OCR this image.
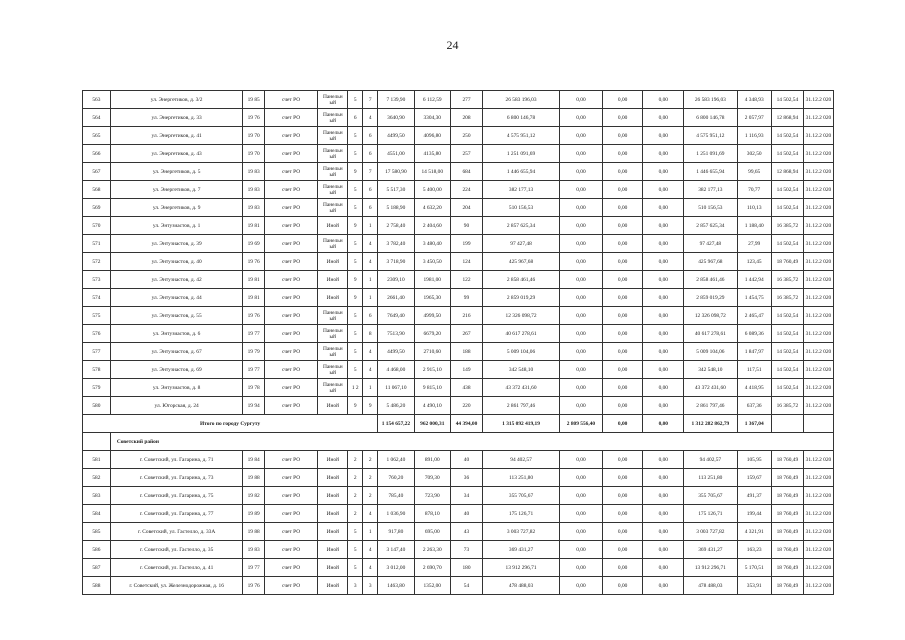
24
563	ул. Энергетиков, д. 3/2	19 85	счет РО	Панельн ый	5	7	7 139,90	6 112,59	277	26 583 196,03	0,00	0,00	0,00	26 583 196,03	4 348,93	14 502,54	31.12.2 020
564	ул. Энергетиков, д. 33	19 76	счет РО	Панельн ый	6	4	3640,90	3304,30	208	6 800 146,78	0,00	0,00	0,00	6 800 146,78	2 057,97	12 868,94	31.12.2 020
565	ул. Энергетиков, д. 41	19 70	счет РО	Панельн ый	5	6	4499,50	4096,80	250	4 575 951,12	0,00	0,00	0,00	4 575 951,12	1 116,93	14 502,54	31.12.2 020
566	ул. Энергетиков, д. 43	19 70	счет РО	Панельн ый	5	6	4551,00	4135,80	257	1 251 091,69	0,00	0,00	0,00	1 251 091,69	302,50	14 502,54	31.12.2 020
567	ул. Энергетиков, д. 5	19 83	счет РО	Панельн ый	9	7	17 580,90	14 518,00	684	1 446 655,94	0,00	0,00	0,00	1 446 655,94	99,65	12 868,94	31.12.2 020
568	ул. Энергетиков, д. 7	19 83	счет РО	Панельн ый	5	6	5 517,30	5 400,00	224	382 177,13	0,00	0,00	0,00	382 177,13	70,77	14 502,54	31.12.2 020
569	ул. Энергетиков, д. 9	19 83	счет РО	Панельн ый	5	6	5 188,90	4 632,20	204	510 156,53	0,00	0,00	0,00	510 156,53	110,13	14 502,54	31.12.2 020
570	ул. Энтузиастов, д. 1	19 81	счет РО	Иной	9	1	2 758,40	2 404,60	90	2 857 625,34	0,00	0,00	0,00	2 857 625,34	1 188,40	16 385,72	31.12.2 020
571	ул. Энтузиастов, д. 39	19 69	счет РО	Панельн ый	5	4	3 782,40	3 480,40	199	97 427,48	0,00	0,00	0,00	97 427,48	27,99	14 502,54	31.12.2 020
572	ул. Энтузиастов, д. 40	19 76	счет РО	Иной	5	4	3 718,90	3 450,50	124	425 967,68	0,00	0,00	0,00	425 967,68	123,45	18 760,49	31.12.2 020
573	ул. Энтузиастов, д. 42	19 81	счет РО	Иной	9	1	2309,10	1981,00	122	2 858 461,46	0,00	0,00	0,00	2 858 461,46	1 442,94	16 385,72	31.12.2 020
574	ул. Энтузиастов, д. 44	19 81	счет РО	Иной	9	1	2661,40	1965,30	99	2 859 019,29	0,00	0,00	0,00	2 859 019,29	1 454,75	16 385,72	31.12.2 020
575	ул. Энтузиастов, д. 55	19 76	счет РО	Панельн ый	5	6	7649,40	4999,50	216	12 326 098,72	0,00	0,00	0,00	12 326 098,72	2 465,47	14 502,54	31.12.2 020
576	ул. Энтузиастов, д. 6	19 77	счет РО	Панельн ый	5	8	7513,90	6679,20	267	40 617 278,61	0,00	0,00	0,00	40 617 278,61	6 089,36	14 502,54	31.12.2 020
577	ул. Энтузиастов, д. 67	19 79	счет РО	Панельн ый	5	4	4499,50	2710,60	188	5 009 104,06	0,00	0,00	0,00	5 009 104,06	1 847,97	14 502,54	31.12.2 020
578	ул. Энтузиастов, д. 69	19 77	счет РО	Панельн ый	5	4	4 468,00	2 915,10	149	342 548,10	0,00	0,00	0,00	342 548,10	117,51	14 502,54	31.12.2 020
579	ул. Энтузиастов, д. 8	19 78	счет РО	Панельн ый	1 2	1	11 067,10	9 815,10	438	43 372 431,60	0,00	0,00	0,00	43 372 431,60	4 418,95	14 502,54	31.12.2 020
580	ул. Югорская, д. 24	19 94	счет РО	Иной	9	9	5 486,20	4 490,10	220	2 861 797,46	0,00	0,00	0,00	2 861 797,46	637,36	16 385,72	31.12.2 020
Итого по городу Сургуту							1 154 657,22	962 000,31	44 394,00	1 315 092 419,19	2 809 556,40	0,00	0,00	1 312 282 862,79	1 367,04		
	Советский район																
581	г. Советский, ул. Гагарина, д. 71	19 84	счет РО	Иной	2	2	1 062,40	891,00	40	94 402,57	0,00	0,00	0,00	94 402,57	105,95	18 760,49	31.12.2 020
582	г. Советский, ул. Гагарина, д. 73	19 88	счет РО	Иной	2	2	760,20	709,30	36	113 251,80	0,00	0,00	0,00	113 251,80	159,67	18 760,49	31.12.2 020
583	г. Советский, ул. Гагарина, д. 75	19 82	счет РО	Иной	2	2	785,40	723,90	34	355 705,67	0,00	0,00	0,00	355 705,67	491,37	18 760,49	31.12.2 020
584	г. Советский, ул. Гагарина, д. 77	19 89	счет РО	Иной	2	4	1 036,90	878,10	40	175 126,71	0,00	0,00	0,00	175 126,71	199,44	18 760,49	31.12.2 020
585	г. Советский, ул. Гастелло, д. 33А	19 88	счет РО	Иной	5	1	917,80	695,00	43	3 003 727,82	0,00	0,00	0,00	3 003 727,82	4 321,91	18 760,49	31.12.2 020
586	г. Советский, ул. Гастелло, д. 35	19 83	счет РО	Иной	5	4	3 147,40	2 263,30	73	369 431,27	0,00	0,00	0,00	369 431,27	163,23	18 760,49	31.12.2 020
587	г. Советский, ул. Гастелло, д. 41	19 77	счет РО	Иной	5	4	3 012,00	2 690,70	180	13 912 296,71	0,00	0,00	0,00	13 912 296,71	5 170,51	18 760,49	31.12.2 020
588	г. Советский, ул. Железнодорожная, д. 16	19 76	счет РО	Иной	3	3	1463,80	1352,00	54	478 488,03	0,00	0,00	0,00	478 488,03	353,91	18 760,49	31.12.2 020
